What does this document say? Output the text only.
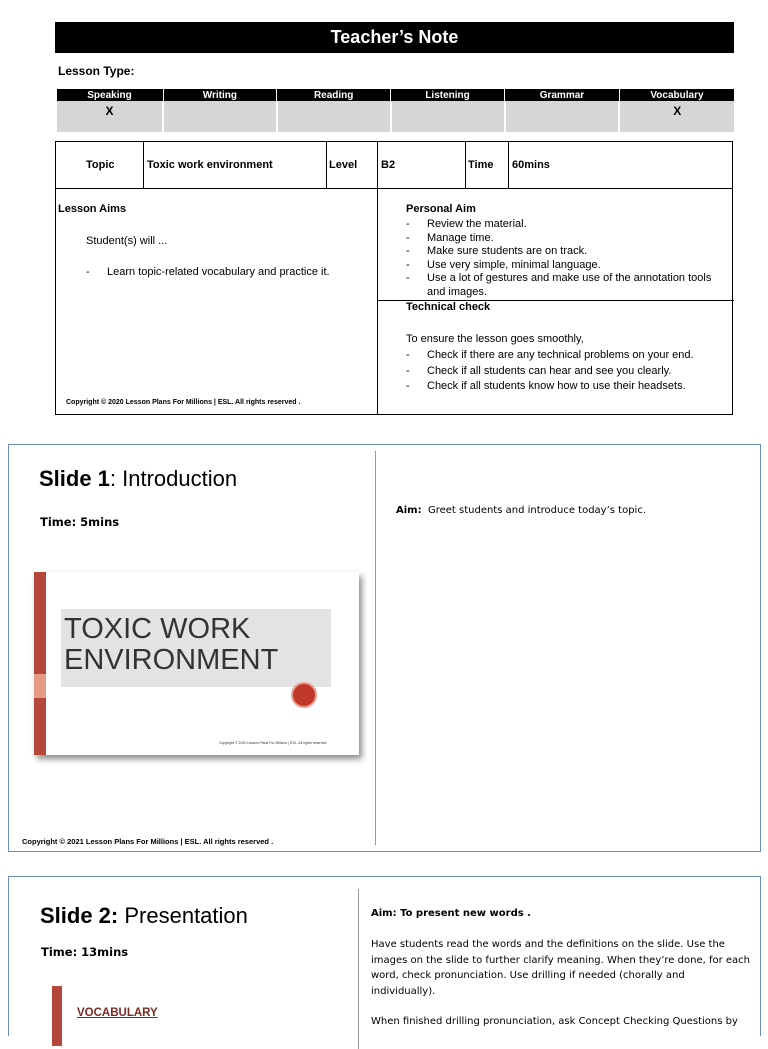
Teacher’s Note
Lesson Type:
Speaking	Writing	Reading	Listening	Grammar	Vocabulary
X					X
Topic	Toxic work environment	Level B2	Time 60mins
Lesson Aims
Student(s) will ...
- Learn topic-related vocabulary and practice it.
Copyright © 2020 Lesson Plans For Millions | ESL. All rights reserved .
Personal Aim
-	Review the material.
-	Manage time.
-	Make sure students are on track.
-	Use very simple, minimal language.
-	Use a lot of gestures and make use of the annotation tools and images.
Technical check
To ensure the lesson goes smoothly,
-	Check if there are any technical problems on your end.
-	Check if all students can hear and see you clearly.
-	Check if all students know how to use their headsets.
Slide 1: Introduction
Time: 5mins
TOXIC WORK
ENVIRONMENT
Copyright © 2020 Lesson Plans For Millions | ESL. All rights reserved.
Aim: Greet students and introduce today’s topic.
Copyright © 2021 Lesson Plans For Millions | ESL. All rights reserved .
Slide 2: Presentation
Time: 13mins
VOCABULARY
Aim: To present new words .
Have students read the words and the definitions on the slide. Use the images on the slide to further clarify meaning. When they’re done, for each word, check pronunciation. Use drilling if needed (chorally and individually).
When finished drilling pronunciation, ask Concept Checking Questions by
